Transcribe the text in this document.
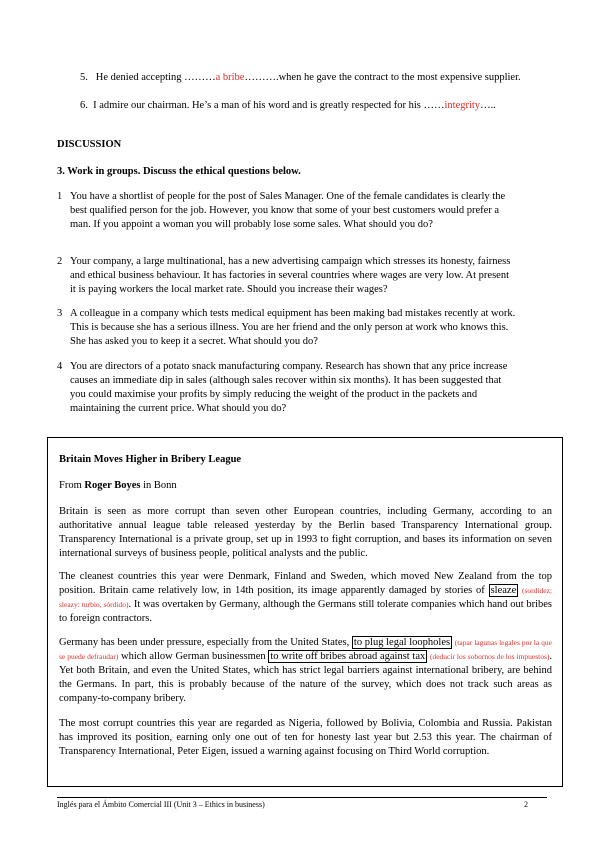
5. He denied accepting ………a bribe……….when he gave the contract to the most expensive supplier.
6. I admire our chairman. He’s a man of his word and is greatly respected for his ……integrity…..
DISCUSSION
3. Work in groups. Discuss the ethical questions below.
1 You have a shortlist of people for the post of Sales Manager. One of the female candidates is clearly the best qualified person for the job. However, you know that some of your best customers would prefer a man. If you appoint a woman you will probably lose some sales. What should you do?
2 Your company, a large multinational, has a new advertising campaign which stresses its honesty, fairness and ethical business behaviour. It has factories in several countries where wages are very low. At present it is paying workers the local market rate. Should you increase their wages?
3 A colleague in a company which tests medical equipment has been making bad mistakes recently at work. This is because she has a serious illness. You are her friend and the only person at work who knows this. She has asked you to keep it a secret. What should you do?
4 You are directors of a potato snack manufacturing company. Research has shown that any price increase causes an immediate dip in sales (although sales recover within six months). It has been suggested that you could maximise your profits by simply reducing the weight of the product in the packets and maintaining the current price. What should you do?
Britain Moves Higher in Bribery League
From Roger Boyes in Bonn
Britain is seen as more corrupt than seven other European countries, including Germany, according to an authoritative annual league table released yesterday by the Berlin based Transparency International group. Transparency International is a private group, set up in 1993 to fight corruption, and bases its information on seven international surveys of business people, political analysts and the public.
The cleanest countries this year were Denmark, Finland and Sweden, which moved New Zealand from the top position. Britain came relatively low, in 14th position, its image apparently damaged by stories of sleaze (sordidez; sleazy: turbio, sórdido). It was overtaken by Germany, although the Germans still tolerate companies which hand out bribes to foreign contractors.
Germany has been under pressure, especially from the United States, to plug legal loopholes (tapar lagunas legales por la que se puede defraudar) which allow German businessmen to write off bribes abroad against tax (deducir los sobornos de los impuestos). Yet both Britain, and even the United States, which has strict legal barriers against international bribery, are behind the Germans. In part, this is probably because of the nature of the survey, which does not track such areas as company-to-company bribery.
The most corrupt countries this year are regarded as Nigeria, followed by Bolivia, Colombia and Russia. Pakistan has improved its position, earning only one out of ten for honesty last year but 2.53 this year. The chairman of Transparency International, Peter Eigen, issued a warning against focusing on Third World corruption.
Inglés para el Ámbito Comercial III (Unit 3 – Ethics in business)	2
